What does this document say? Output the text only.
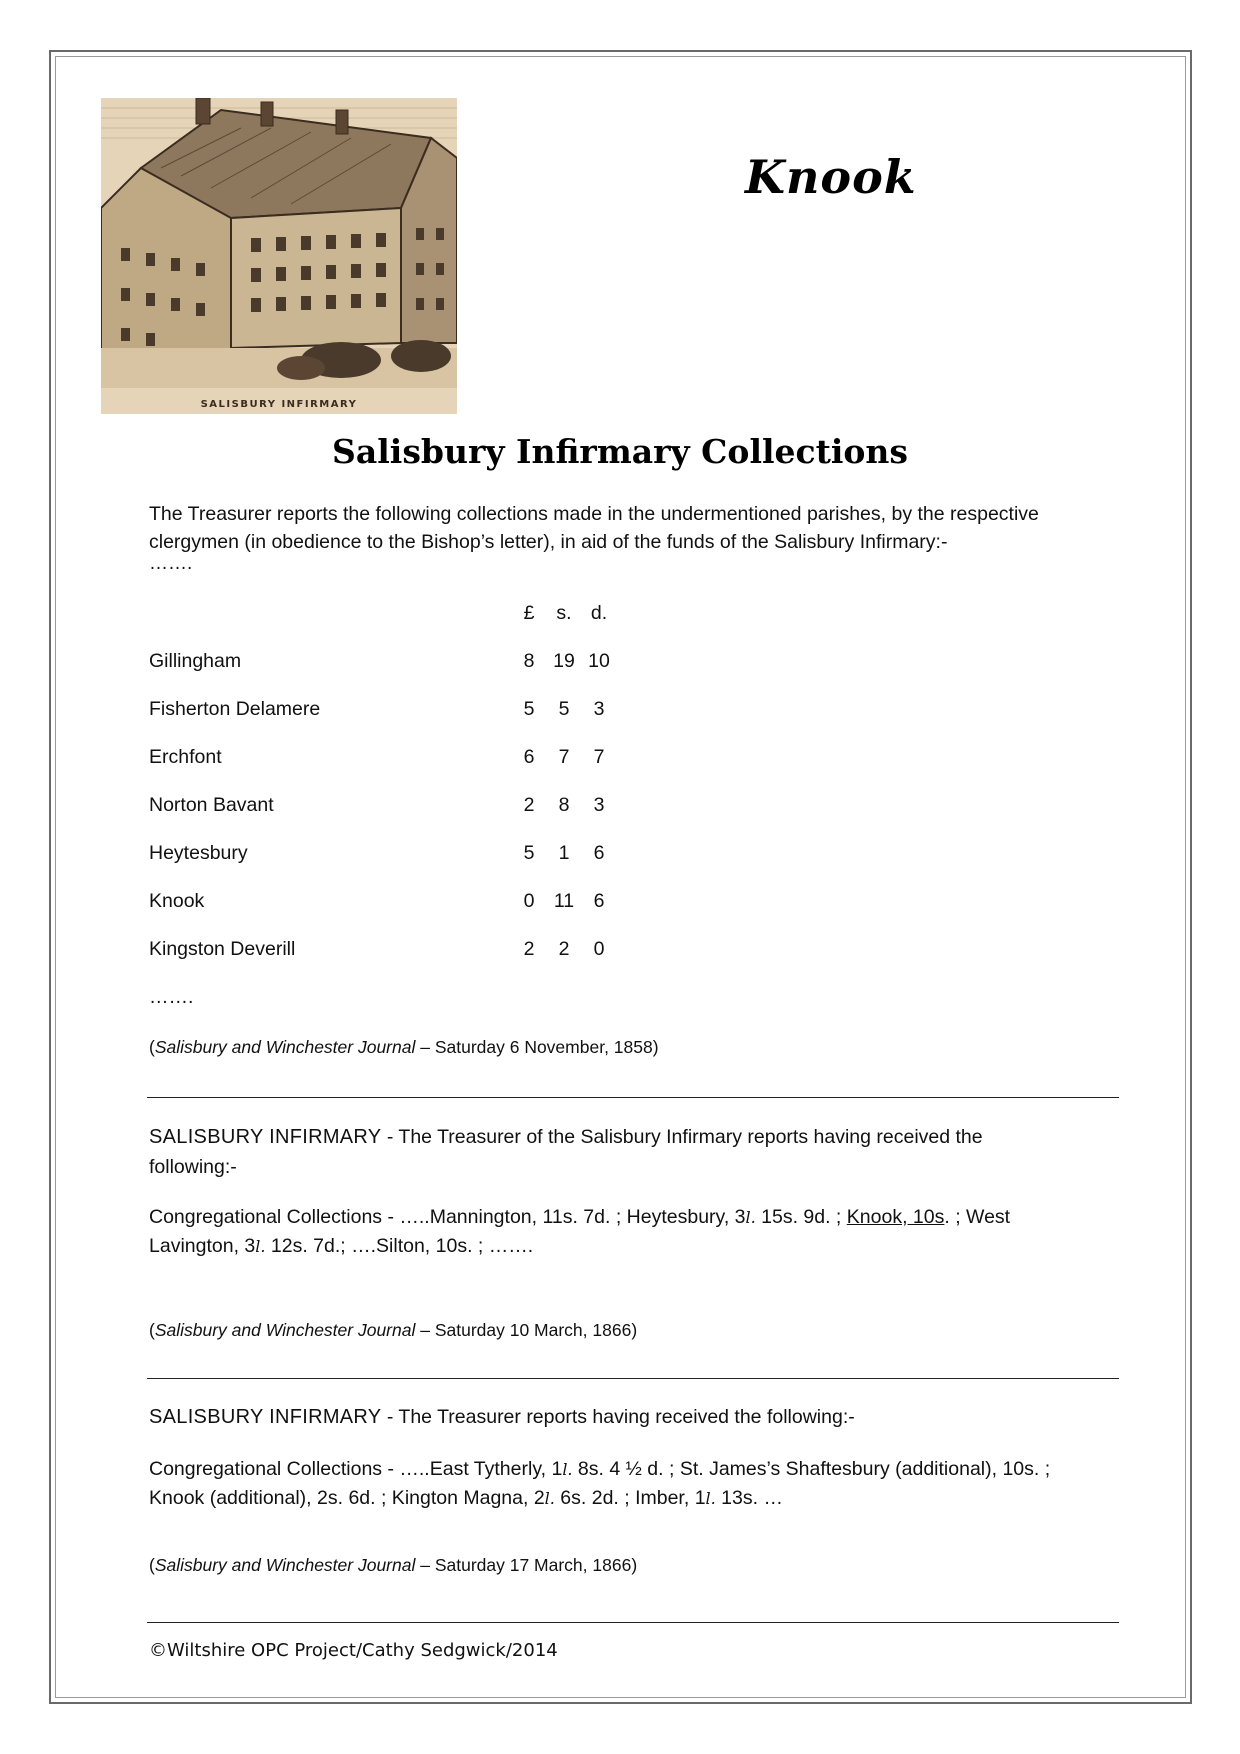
SALISBURY INFIRMARY
Knook
Salisbury Infirmary Collections
The Treasurer reports the following collections made in the undermentioned parishes, by the respective
clergymen (in obedience to the Bishop’s letter), in aid of the funds of the Salisbury Infirmary:-
…….
£	s. d.
Gillingham	8 19 10
Fisherton Delamere	5	5	3
Erchfont	6	7	7
Norton Bavant	2	8	3
Heytesbury	5	1	6
Knook	0 11 6
Kingston Deverill	2	2	0
…….
(Salisbury and Winchester Journal – Saturday 6 November, 1858)
SALISBURY INFIRMARY - The Treasurer of the Salisbury Infirmary reports having received the
following:-
Congregational Collections - …..Mannington, 11s. 7d. ; Heytesbury, 3l. 15s. 9d. ; Knook, 10s. ; West
Lavington, 3l. 12s. 7d.; ….Silton, 10s. ; …….
(Salisbury and Winchester Journal – Saturday 10 March, 1866)
SALISBURY INFIRMARY - The Treasurer reports having received the following:-
Congregational Collections - …..East Tytherly, 1l. 8s. 4 ½ d. ; St. James’s Shaftesbury (additional), 10s. ;
Knook (additional), 2s. 6d. ; Kington Magna, 2l. 6s. 2d. ; Imber, 1l. 13s. …
(Salisbury and Winchester Journal – Saturday 17 March, 1866)
©Wiltshire OPC Project/Cathy Sedgwick/2014
